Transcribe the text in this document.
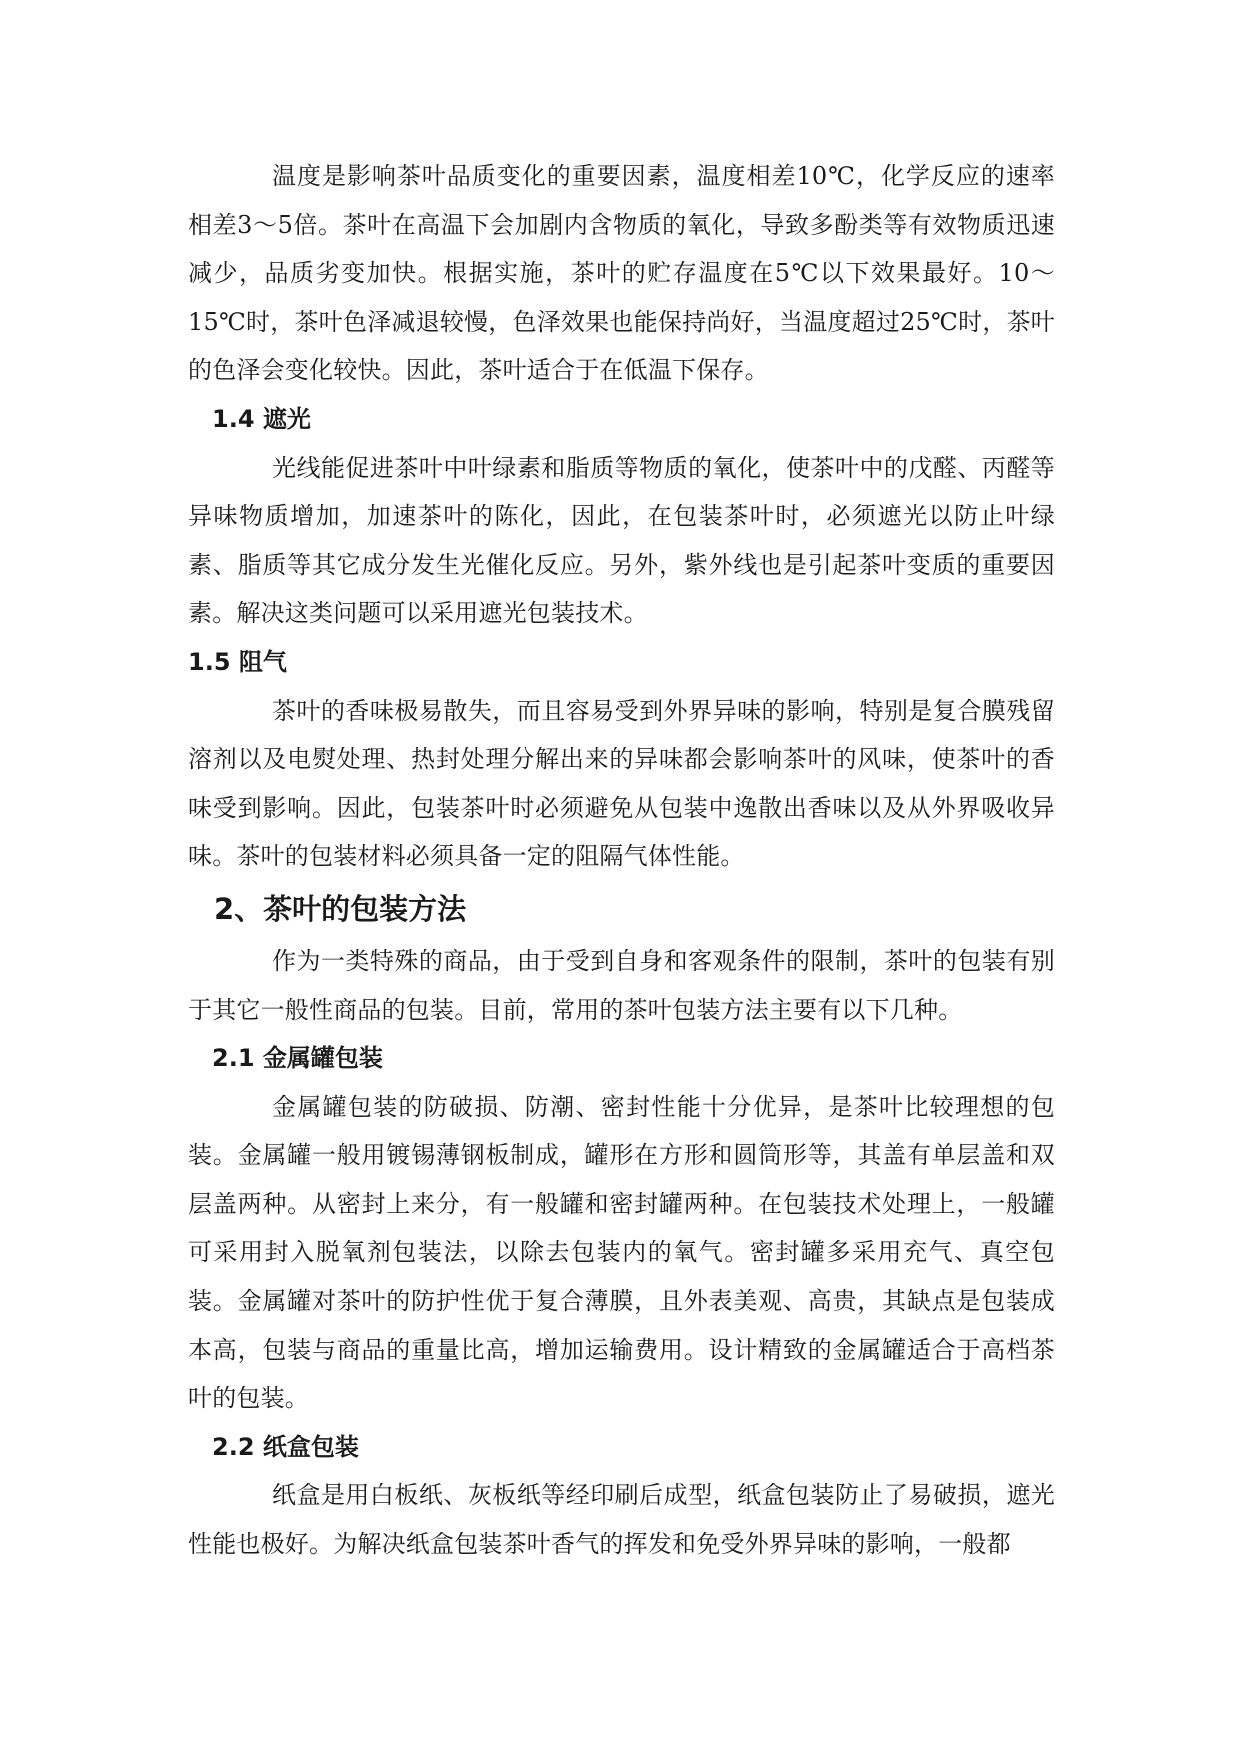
温度是影响茶叶品质变化的重要因素，温度相差10℃，化学反应的速率相差3～5倍。茶叶在高温下会加剧内含物质的氧化，导致多酚类等有效物质迅速减少，品质劣变加快。根据实施，茶叶的贮存温度在5℃以下效果最好。10～15℃时，茶叶色泽减退较慢，色泽效果也能保持尚好，当温度超过25℃时，茶叶的色泽会变化较快。因此，茶叶适合于在低温下保存。

1.4 遮光

光线能促进茶叶中叶绿素和脂质等物质的氧化，使茶叶中的戊醛、丙醛等异味物质增加，加速茶叶的陈化，因此，在包装茶叶时，必须遮光以防止叶绿素、脂质等其它成分发生光催化反应。另外，紫外线也是引起茶叶变质的重要因素。解决这类问题可以采用遮光包装技术。

1.5 阻气

茶叶的香味极易散失，而且容易受到外界异味的影响，特别是复合膜残留溶剂以及电熨处理、热封处理分解出来的异味都会影响茶叶的风味，使茶叶的香味受到影响。因此，包装茶叶时必须避免从包装中逸散出香味以及从外界吸收异味。茶叶的包装材料必须具备一定的阻隔气体性能。

2、茶叶的包装方法

作为一类特殊的商品，由于受到自身和客观条件的限制，茶叶的包装有别于其它一般性商品的包装。目前，常用的茶叶包装方法主要有以下几种。

2.1 金属罐包装

金属罐包装的防破损、防潮、密封性能十分优异，是茶叶比较理想的包装。金属罐一般用镀锡薄钢板制成，罐形在方形和圆筒形等，其盖有单层盖和双层盖两种。从密封上来分，有一般罐和密封罐两种。在包装技术处理上，一般罐可采用封入脱氧剂包装法，以除去包装内的氧气。密封罐多采用充气、真空包装。金属罐对茶叶的防护性优于复合薄膜，且外表美观、高贵，其缺点是包装成本高，包装与商品的重量比高，增加运输费用。设计精致的金属罐适合于高档茶叶的包装。

2.2 纸盒包装

纸盒是用白板纸、灰板纸等经印刷后成型，纸盒包装防止了易破损，遮光性能也极好。为解决纸盒包装茶叶香气的挥发和免受外界异味的影响，一般都
